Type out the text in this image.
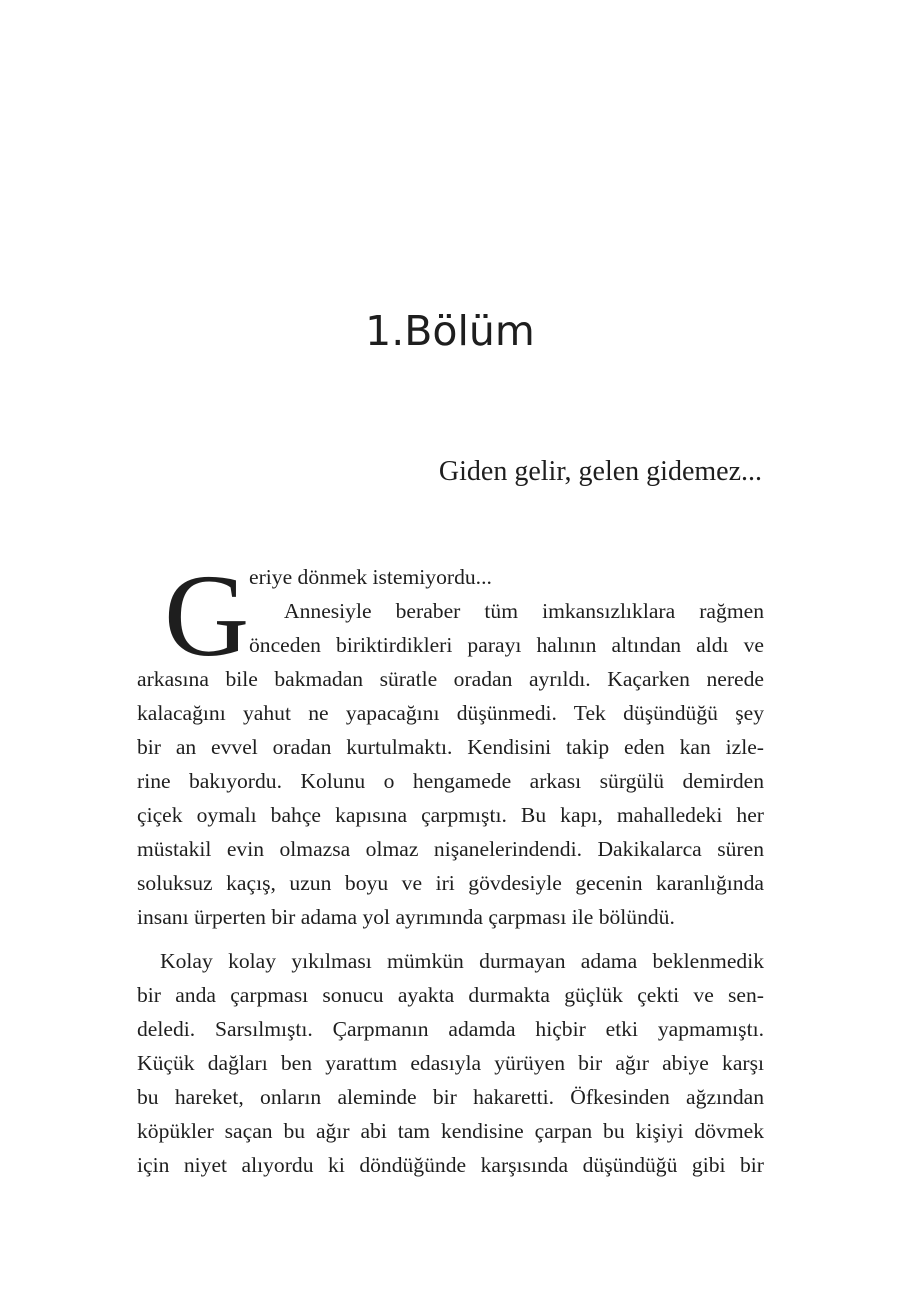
1.Bölüm

Giden gelir, gelen gidemez...

G eriye dönmek istemiyordu...
Annesiyle beraber tüm imkansızlıklara rağmen
önceden biriktirdikleri parayı halının altından aldı ve
arkasına bile bakmadan süratle oradan ayrıldı. Kaçarken nerede
kalacağını yahut ne yapacağını düşünmedi. Tek düşündüğü şey
bir an evvel oradan kurtulmaktı. Kendisini takip eden kan izle-
rine bakıyordu. Kolunu o hengamede arkası sürgülü demirden
çiçek oymalı bahçe kapısına çarpmıştı. Bu kapı, mahalledeki her
müstakil evin olmazsa olmaz nişanelerindendi. Dakikalarca süren
soluksuz kaçış, uzun boyu ve iri gövdesiyle gecenin karanlığında
insanı ürperten bir adama yol ayrımında çarpması ile bölündü.

Kolay kolay yıkılması mümkün durmayan adama beklenmedik
bir anda çarpması sonucu ayakta durmakta güçlük çekti ve sen-
deledi. Sarsılmıştı. Çarpmanın adamda hiçbir etki yapmamıştı.
Küçük dağları ben yarattım edasıyla yürüyen bir ağır abiye karşı
bu hareket, onların aleminde bir hakaretti. Öfkesinden ağzından
köpükler saçan bu ağır abi tam kendisine çarpan bu kişiyi dövmek
için niyet alıyordu ki döndüğünde karşısında düşündüğü gibi bir
